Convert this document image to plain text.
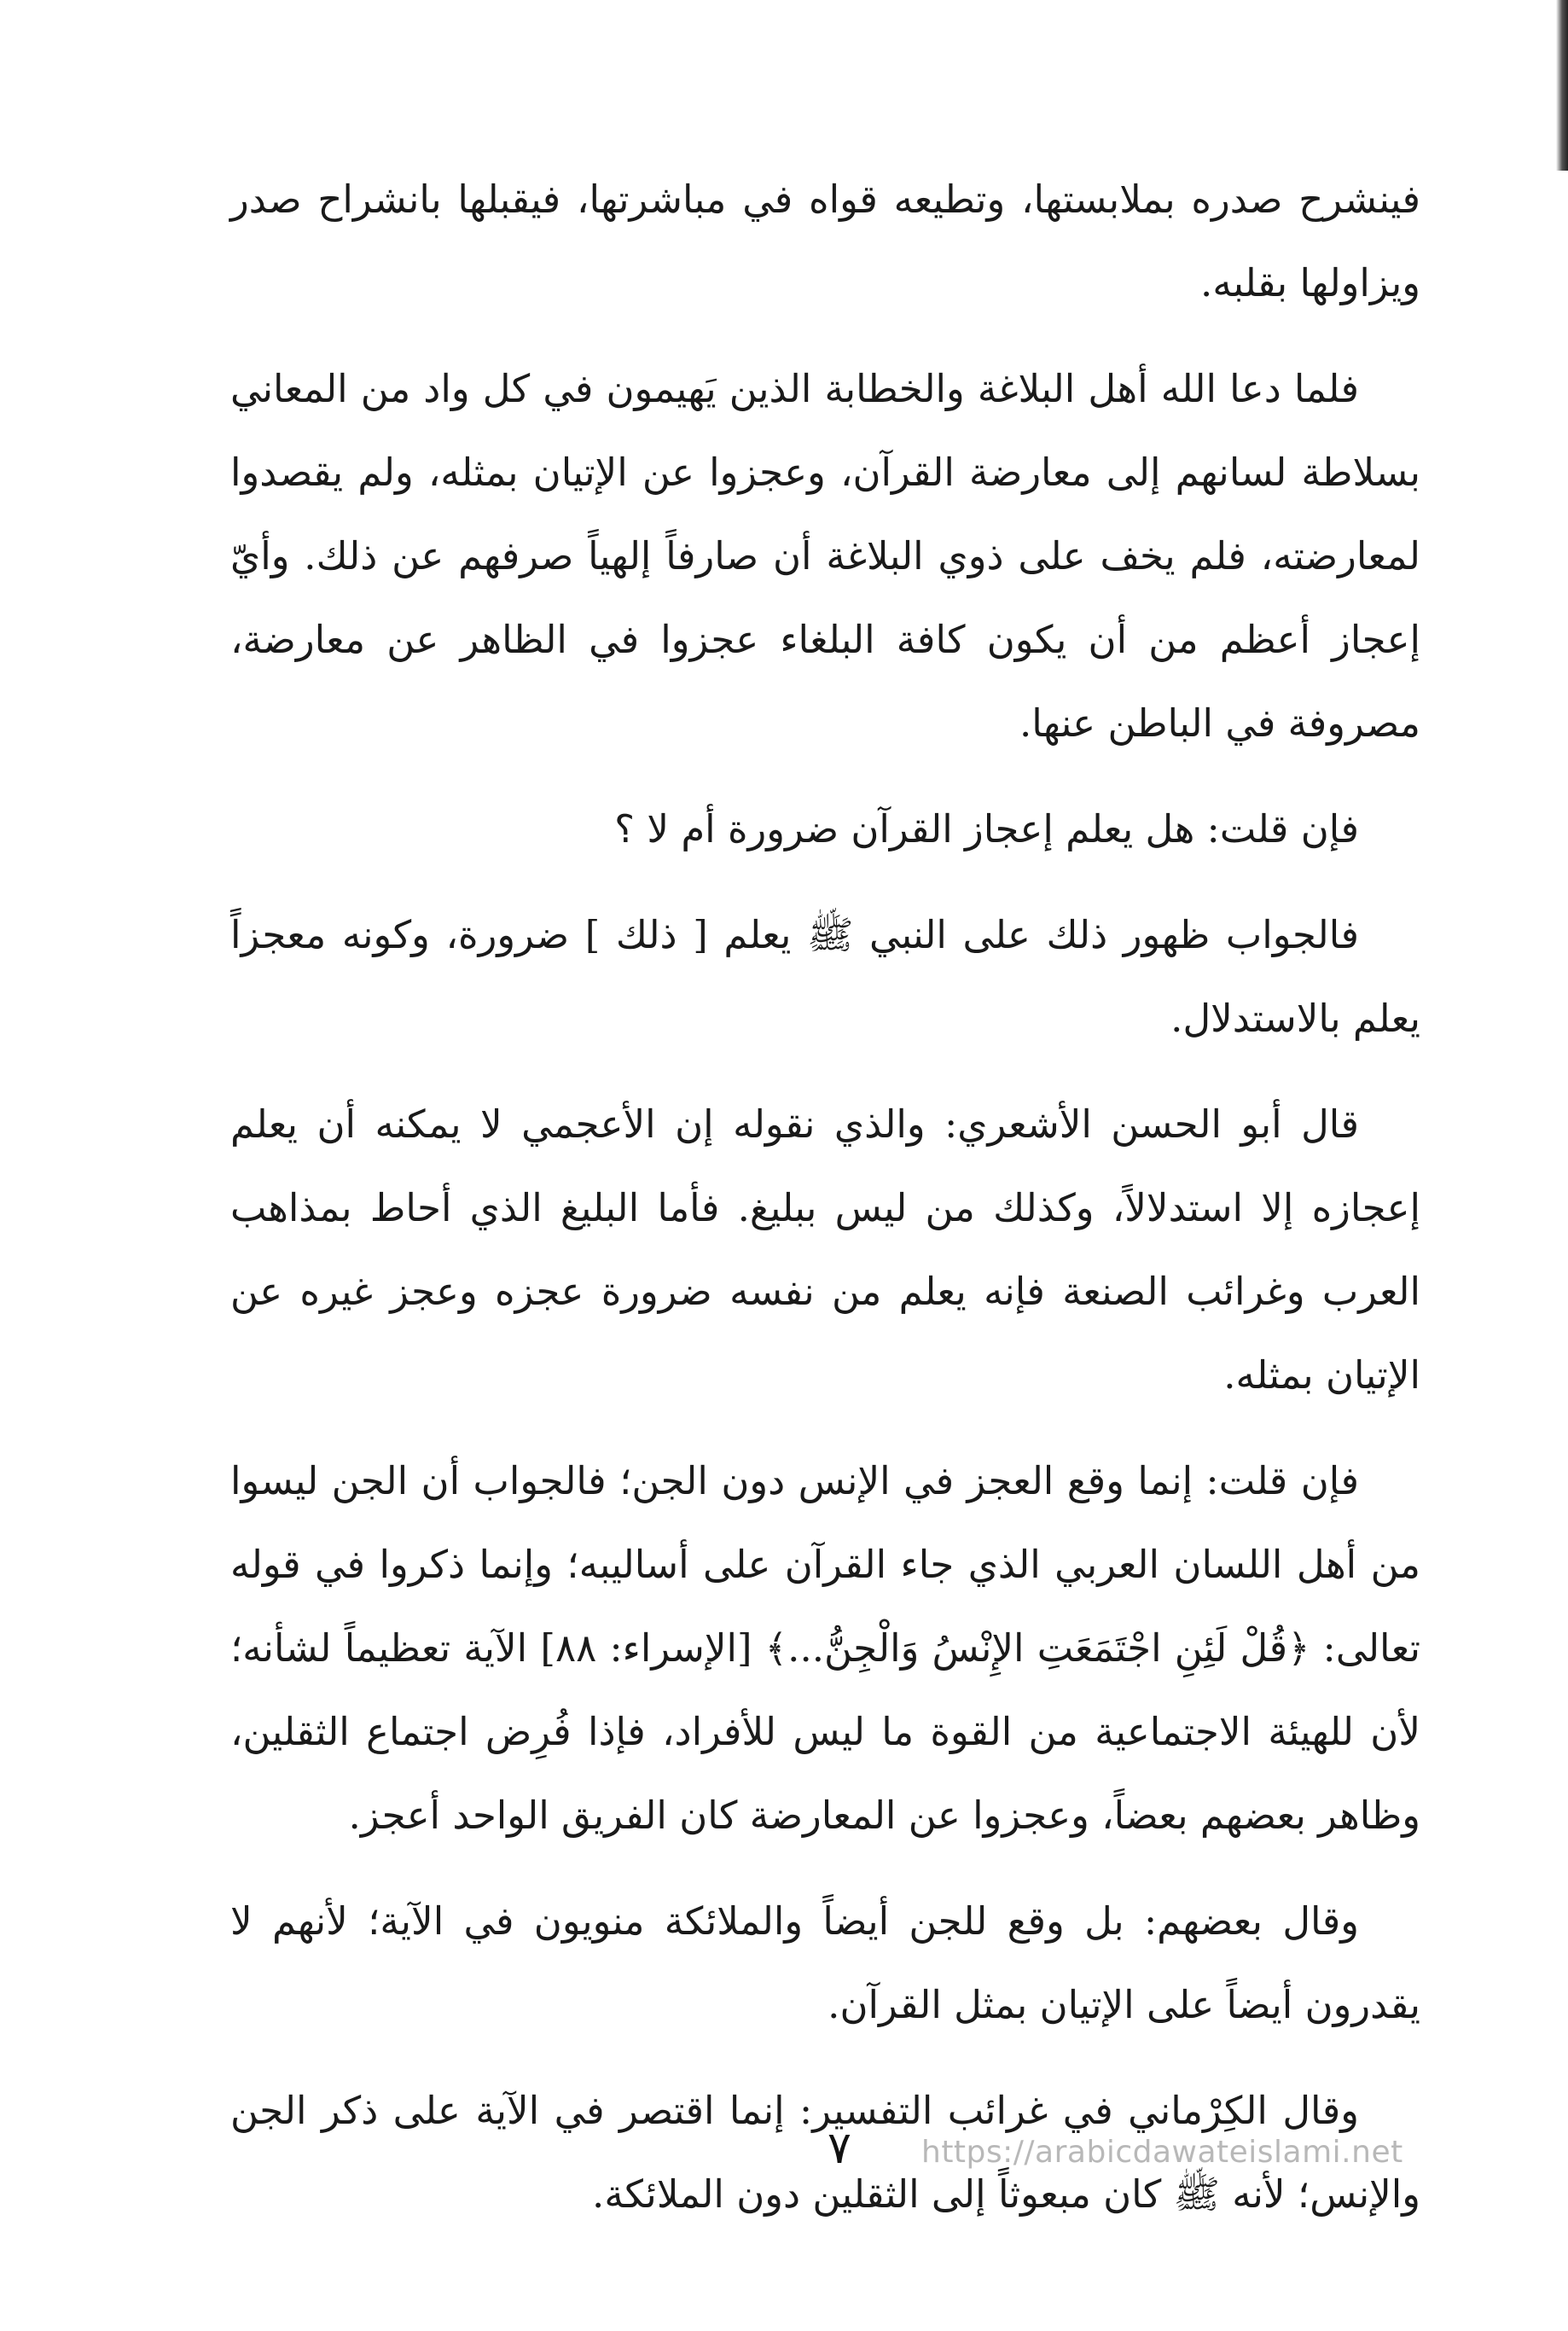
فينشرح صدره بملابستها، وتطيعه قواه في مباشرتها، فيقبلها بانشراح صدر ويزاولها بقلبه.

فلما دعا الله أهل البلاغة والخطابة الذين يَهيمون في كل واد من المعاني بسلاطة لسانهم إلى معارضة القرآن، وعجزوا عن الإتيان بمثله، ولم يقصدوا لمعارضته، فلم يخف على ذوي البلاغة أن صارفاً إلهياً صرفهم عن ذلك. وأيّ إعجاز أعظم من أن يكون كافة البلغاء عجزوا في الظاهر عن معارضة، مصروفة في الباطن عنها.

فإن قلت: هل يعلم إعجاز القرآن ضرورة أم لا ؟

فالجواب ظهور ذلك على النبي ﷺ يعلم [ ذلك ] ضرورة، وكونه معجزاً يعلم بالاستدلال.

قال أبو الحسن الأشعري: والذي نقوله إن الأعجمي لا يمكنه أن يعلم إعجازه إلا استدلالاً، وكذلك من ليس ببليغ. فأما البليغ الذي أحاط بمذاهب العرب وغرائب الصنعة فإنه يعلم من نفسه ضرورة عجزه وعجز غيره عن الإتيان بمثله.

فإن قلت: إنما وقع العجز في الإنس دون الجن؛ فالجواب أن الجن ليسوا من أهل اللسان العربي الذي جاء القرآن على أساليبه؛ وإنما ذكروا في قوله تعالى: ﴿قُلْ لَئِنِ اجْتَمَعَتِ الإِنْسُ وَالْجِنُّ...﴾ [الإسراء: ٨٨] الآية تعظيماً لشأنه؛ لأن للهيئة الاجتماعية من القوة ما ليس للأفراد، فإذا فُرِض اجتماع الثقلين، وظاهر بعضهم بعضاً، وعجزوا عن المعارضة كان الفريق الواحد أعجز.

وقال بعضهم: بل وقع للجن أيضاً والملائكة منويون في الآية؛ لأنهم لا يقدرون أيضاً على الإتيان بمثل القرآن.

وقال الكِرْماني في غرائب التفسير: إنما اقتصر في الآية على ذكر الجن والإنس؛ لأنه ﷺ كان مبعوثاً إلى الثقلين دون الملائكة.

٧ https://arabicdawateislami.net
